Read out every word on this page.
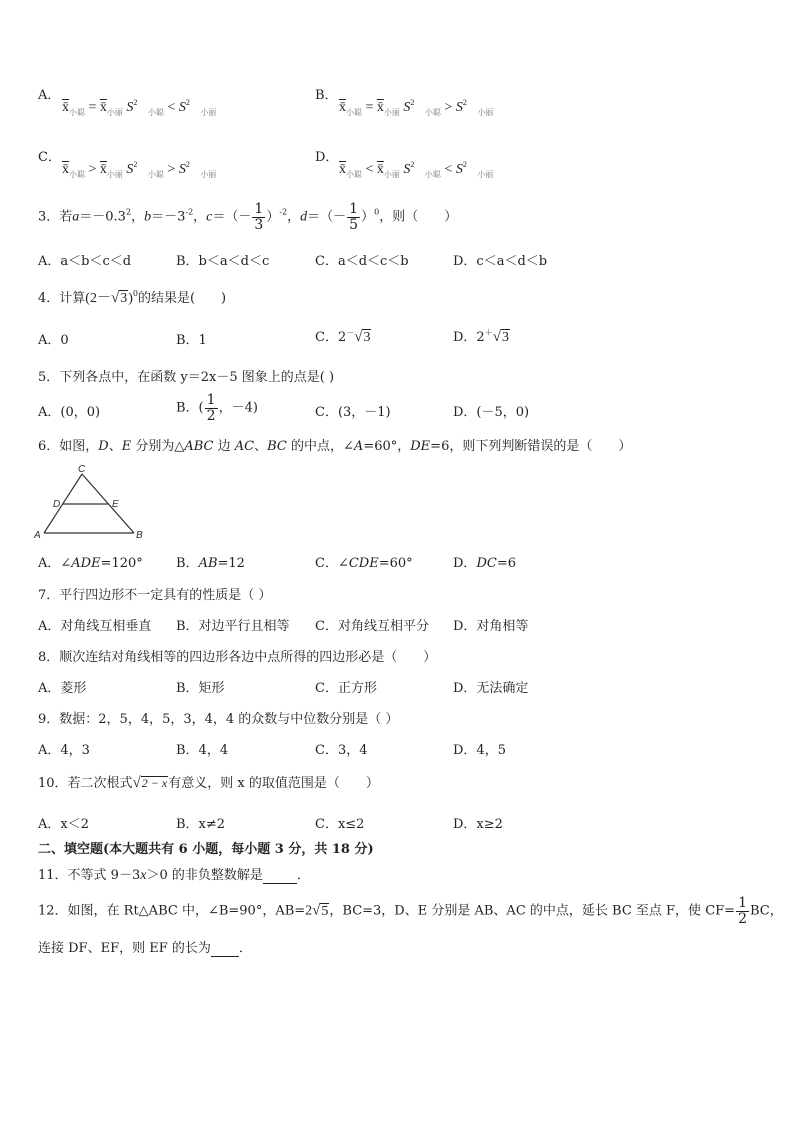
A．
$x̄_{小聪}$ = $x̄_{小丽}$ $S^2$   $_{小聪} < S^2$   $_{小丽}$
B．
$x̄_{小聪}$ = $x̄_{小丽}$ $S^2$   $_{小聪} > S^2$   $_{小丽}$
C．
$x̄_{小聪}$ > $x̄_{小丽}$ $S^2$   $_{小聪} > S^2$   $_{小丽}$
D．
$x̄_{小聪}$ < $x̄_{小丽}$ $S^2$   $_{小聪} < S^2$   $_{小丽}$
3．若$a=-0.3^2$，$b=-3^{-2}$，$c=(- \frac{1}{3} )^{-2}$，$d=(- \frac{1}{5} )^0$，则（　　）
A．a＜b＜c＜d	B．b＜a＜d＜c	C．a＜d＜c＜b	D．c＜a＜d＜b
4．计算$(2-√3)^0$的结果是(　　)
A．0	B．1	C．2－√3	D．2＋√3
5．下列各点中，在函数 y＝2x－5 图象上的点是( )
A．(0，0)	B．( $\frac{1}{2}$ ，－4)	C．(3，－1)	D．(－5，0)
6．如图，D、E 分别为△ABC 边 AC、BC 的中点，∠A=60°，DE=6，则下列判断错误的是（　　）
C
D	E
A	B
A．∠ADE=120°	B．AB=12	C．∠CDE=60°	D．DC=6
7．平行四边形不一定具有的性质是（ ）
A．对角线互相垂直 B．对边平行且相等 C．对角线互相平分 D．对角相等
8．顺次连结对角线相等的四边形各边中点所得的四边形必是（　　）
A．菱形	B．矩形	C．正方形	D．无法确定
9．数据：2，5，4，5，3，4，4 的众数与中位数分别是（ ）
A．4，3	B．4，4	C．3，4	D．4，5
10．若二次根式√2 − x有意义，则 x 的取值范围是（　　）
A．x＜2	B．x≠2	C．x≤2	D．x≥2
二、填空题(本大题共有 6 小题，每小题 3 分，共 18 分)
11．不等式 9－3x＞0 的非负整数解是	．
12．如图，在 Rt△ABC 中，∠B=90°，AB=2√5，BC=3，D、E 分别是 AB、AC 的中点，延长 BC 至点 F，使 $CF= \frac{1}{2}$ BC，
连接 DF、EF，则 EF 的长为 ．
